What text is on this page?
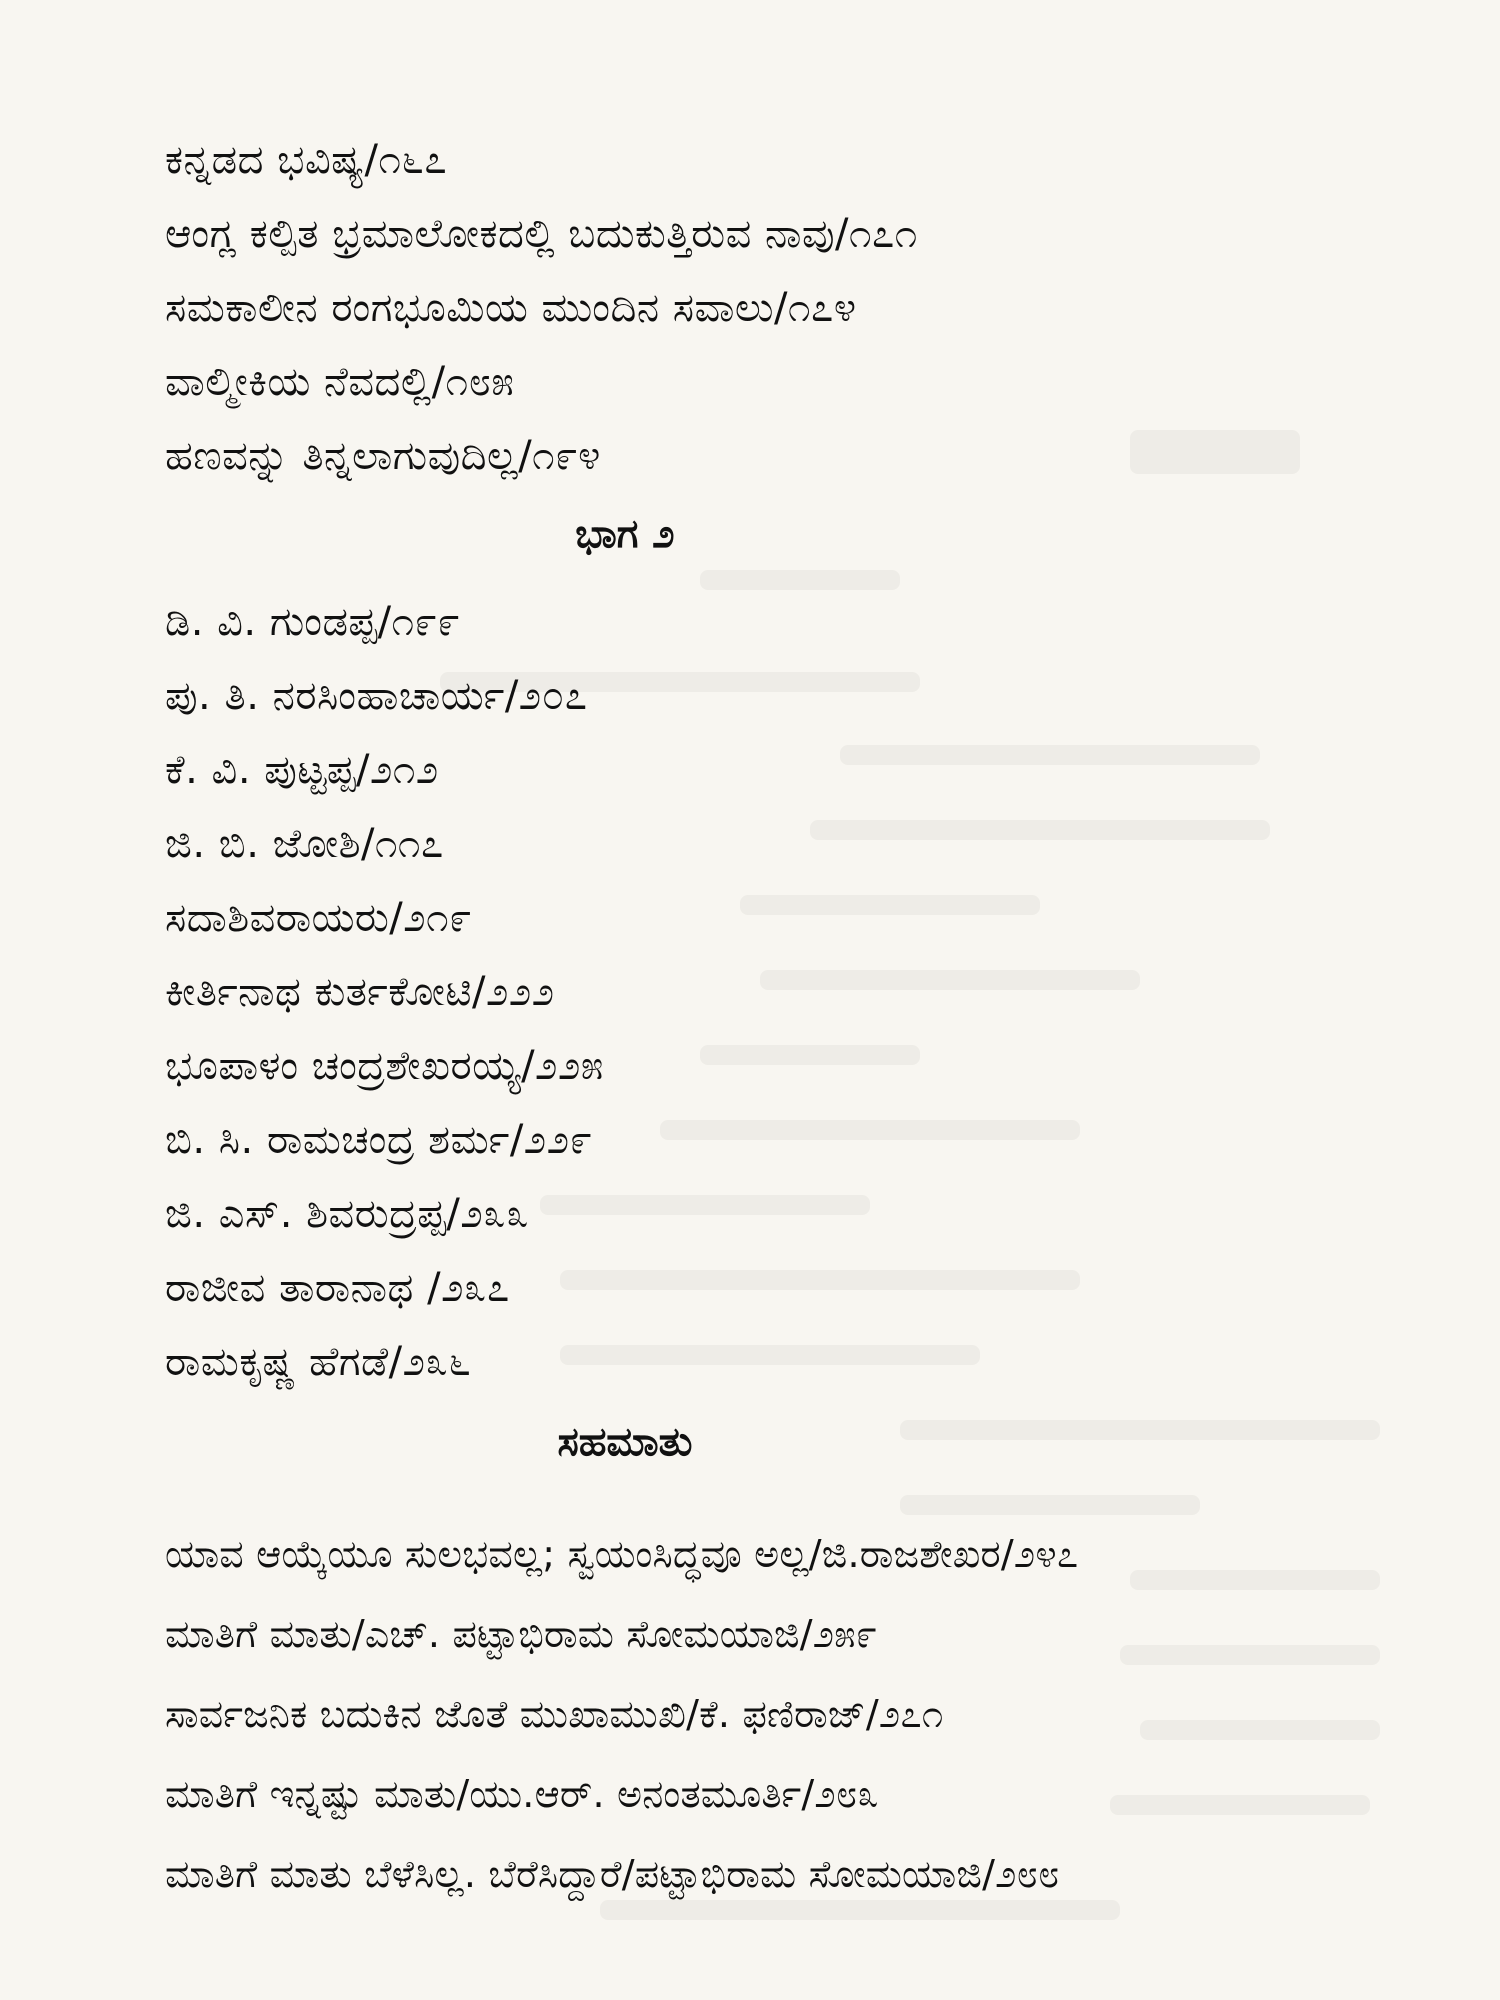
ಕನ್ನಡದ ಭವಿಷ್ಯ/೧೬೭
ಆಂಗ್ಲ ಕಲ್ಪಿತ ಭ್ರಮಾಲೋಕದಲ್ಲಿ ಬದುಕುತ್ತಿರುವ ನಾವು/೧೭೧
ಸಮಕಾಲೀನ ರಂಗಭೂಮಿಯ ಮುಂದಿನ ಸವಾಲು/೧೭೪
ವಾಲ್ಮೀಕಿಯ ನೆವದಲ್ಲಿ/೧೮೫
ಹಣವನ್ನು ತಿನ್ನಲಾಗುವುದಿಲ್ಲ/೧೯೪
ಭಾಗ ೨
ಡಿ. ವಿ. ಗುಂಡಪ್ಪ/೧೯೯
ಪು. ತಿ. ನರಸಿಂಹಾಚಾರ್ಯ/೨೦೭
ಕೆ. ವಿ. ಪುಟ್ಟಪ್ಪ/೨೧೨
ಜಿ. ಬಿ. ಜೋಶಿ/೧೧೭
ಸದಾಶಿವರಾಯರು/೨೧೯
ಕೀರ್ತಿನಾಥ ಕುರ್ತಕೋಟಿ/೨೨೨
ಭೂಪಾಳಂ ಚಂದ್ರಶೇಖರಯ್ಯ/೨೨೫
ಬಿ. ಸಿ. ರಾಮಚಂದ್ರ ಶರ್ಮ/೨೨೯
ಜಿ. ಎಸ್. ಶಿವರುದ್ರಪ್ಪ/೨೩೩
ರಾಜೀವ ತಾರಾನಾಥ /೨೩೭
ರಾಮಕೃಷ್ಣ ಹೆಗಡೆ/೨೩೬
ಸಹಮಾತು
ಯಾವ ಆಯ್ಕೆಯೂ ಸುಲಭವಲ್ಲ; ಸ್ವಯಂಸಿದ್ಧವೂ ಅಲ್ಲ/ಜಿ.ರಾಜಶೇಖರ/೨೪೭
ಮಾತಿಗೆ ಮಾತು/ಎಚ್. ಪಟ್ಟಾಭಿರಾಮ ಸೋಮಯಾಜಿ/೨೫೯
ಸಾರ್ವಜನಿಕ ಬದುಕಿನ ಜೊತೆ ಮುಖಾಮುಖಿ/ಕೆ. ಫಣಿರಾಜ್/೨೭೧
ಮಾತಿಗೆ ಇನ್ನಷ್ಟು ಮಾತು/ಯು.ಆರ್. ಅನಂತಮೂರ್ತಿ/೨೮೩
ಮಾತಿಗೆ ಮಾತು ಬೆಳೆಸಿಲ್ಲ. ಬೆರೆಸಿದ್ದಾರೆ/ಪಟ್ಟಾಭಿರಾಮ ಸೋಮಯಾಜಿ/೨೮೮
